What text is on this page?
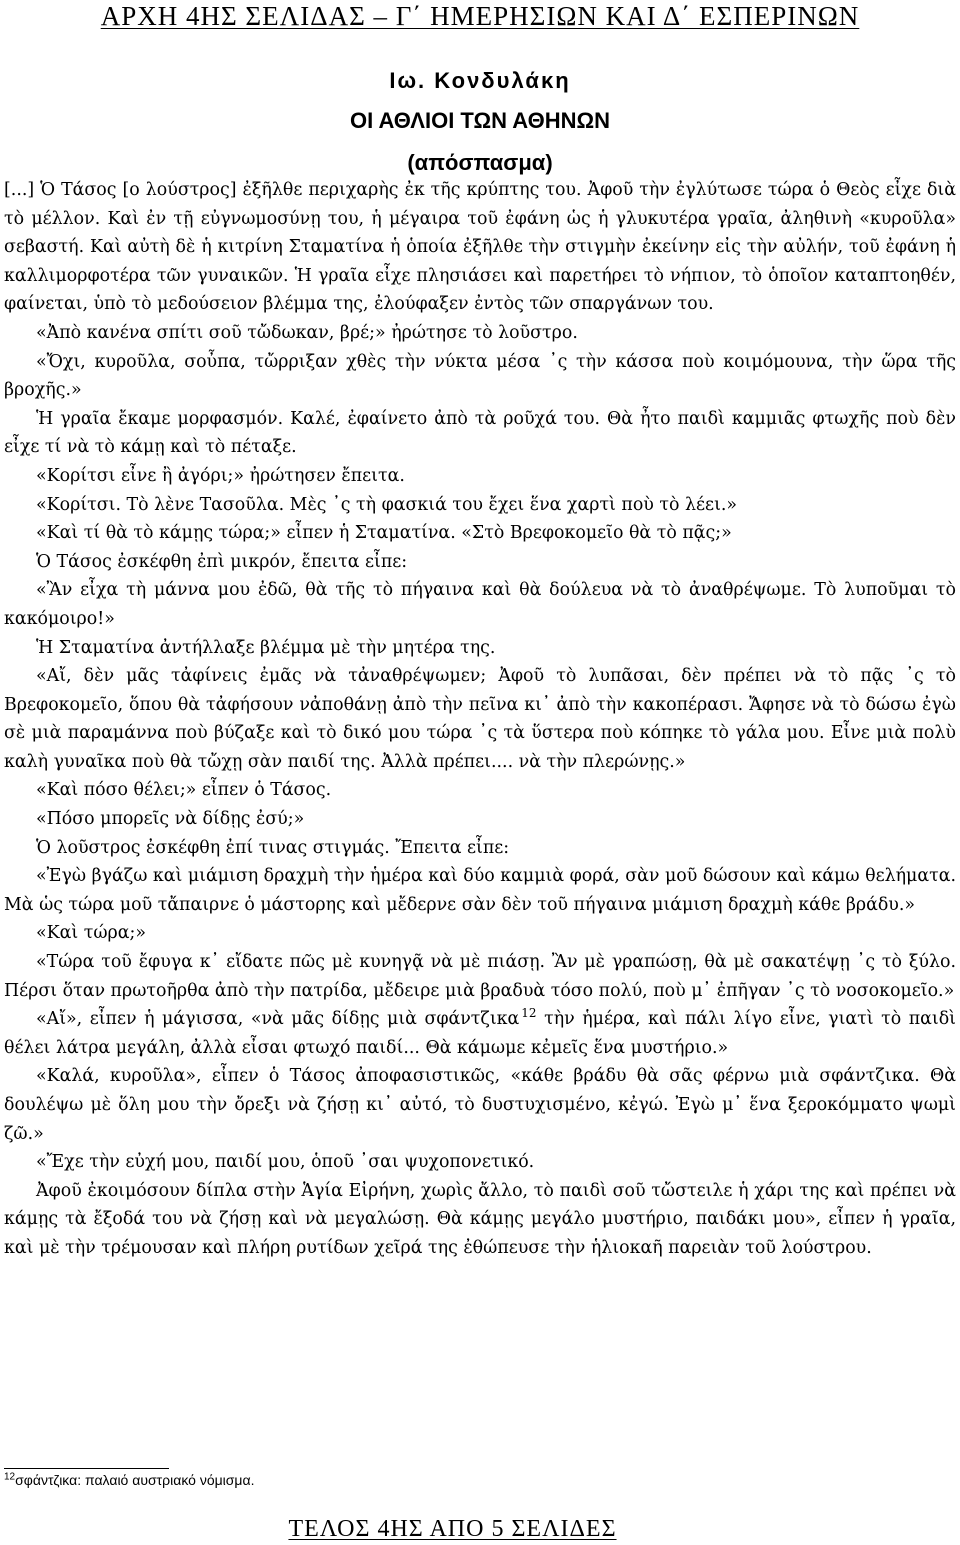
ΑΡΧΗ 4ΗΣ ΣΕΛΙΔΑΣ – Γ΄ ΗΜΕΡΗΣΙΩΝ ΚΑΙ Δ΄ ΕΣΠΕΡΙΝΩΝ
Ιω. Κονδυλάκη
ΟΙ ΑΘΛΙΟΙ ΤΩΝ ΑΘΗΝΩΝ
(απόσπασμα)

[...] Ὁ Τάσος [ο λούστρος] ἐξῆλθε περιχαρὴς ἐκ τῆς κρύπτης του. Ἀφοῦ τὴν ἐγλύτωσε τώρα ὁ Θεὸς εἶχε διὰ τὸ μέλλον. Καὶ ἐν τῇ εὐγνωμοσύνῃ του, ἡ μέγαιρα τοῦ ἐφάνη ὡς ἡ γλυκυτέρα γραῖα, ἀληθινὴ «κυροῦλα» σεβαστή. Καὶ αὐτὴ δὲ ἡ κιτρίνη Σταματίνα ἡ ὁποία ἐξῆλθε τὴν στιγμὴν ἐκείνην εἰς τὴν αὐλήν, τοῦ ἐφάνη ἡ καλλιμορφοτέρα τῶν γυναικῶν. Ἡ γραῖα εἶχε πλησιάσει καὶ παρετήρει τὸ νήπιον, τὸ ὁποῖον καταπτοηθέν, φαίνεται, ὑπὸ τὸ μεδούσειον βλέμμα της, ἐλούφαξεν ἐντὸς τῶν σπαργάνων του.

«Ἀπὸ κανένα σπίτι σοῦ τὤδωκαν, βρέ;» ἠρώτησε τὸ λοῦστρο.

«Ὄχι, κυροῦλα, σοὖπα, τὤρριξαν χθὲς τὴν νύκτα μέσα ᾽ς τὴν κάσσα ποὺ κοιμόμουνα, τὴν ὥρα τῆς βροχῆς.»

Ἡ γραῖα ἔκαμε μορφασμόν. Καλέ, ἐφαίνετο ἀπὸ τὰ ροῦχά του. Θὰ ἦτο παιδὶ καμμιᾶς φτωχῆς ποὺ δὲν εἶχε τί νὰ τὸ κάμῃ καὶ τὸ πέταξε.

«Κορίτσι εἶνε ἢ ἀγόρι;» ἠρώτησεν ἔπειτα.

«Κορίτσι. Τὸ λὲνε Τασοῦλα. Μὲς ᾽ς τὴ φασκιά του ἔχει ἕνα χαρτὶ ποὺ τὸ λέει.»

«Καὶ τί θὰ τὸ κάμῃς τώρα;» εἶπεν ἡ Σταματίνα. «Στὸ Βρεφοκομεῖο θὰ τὸ πᾷς;»

Ὁ Τάσος ἐσκέφθη ἐπὶ μικρόν, ἔπειτα εἶπε:

«Ἂν εἶχα τὴ μάννα μου ἐδῶ, θὰ τῆς τὸ πήγαινα καὶ θὰ δούλευα νὰ τὸ ἀναθρέψωμε. Τὸ λυποῦμαι τὸ κακόμοιρο!»

Ἡ Σταματίνα ἀντήλλαξε βλέμμα μὲ τὴν μητέρα της.

«Αἴ, δὲν μᾶς τἀφίνεις ἐμᾶς νὰ τἀναθρέψωμεν; Ἀφοῦ τὸ λυπᾶσαι, δὲν πρέπει νὰ τὸ πᾷς ᾽ς τὸ Βρεφοκομεῖο, ὅπου θὰ τἀφήσουν νἀποθάνῃ ἀπὸ τὴν πεῖνα κι᾽ ἀπὸ τὴν κακοπέρασι. Ἄφησε νὰ τὸ δώσω ἐγὼ σὲ μιὰ παραμάννα ποὺ βύζαξε καὶ τὸ δικό μου τώρα ᾽ς τὰ ὕστερα ποὺ κόπηκε τὸ γάλα μου. Εἶνε μιὰ πολὺ καλὴ γυναῖκα ποὺ θὰ τὤχῃ σὰν παιδί της. Ἀλλὰ πρέπει.... νὰ τὴν πλερώνῃς.»

«Καὶ πόσο θέλει;» εἶπεν ὁ Τάσος.

«Πόσο μπορεῖς νὰ δίδῃς ἐσύ;»

Ὁ λοῦστρος ἐσκέφθη ἐπί τινας στιγμάς. Ἔπειτα εἶπε:

«Ἐγὼ βγάζω καὶ μιάμιση δραχμὴ τὴν ἡμέρα καὶ δύο καμμιὰ φορά, σὰν μοῦ δώσουν καὶ κάμω θελήματα. Μὰ ὡς τώρα μοῦ τἄπαιρνε ὁ μάστορης καὶ μἔδερνε σὰν δὲν τοῦ πήγαινα μιάμιση δραχμὴ κάθε βράδυ.»

«Καὶ τώρα;»

«Τώρα τοῦ ἔφυγα κ᾽ εἴδατε πῶς μὲ κυνηγᾷ νὰ μὲ πιάσῃ. Ἂν μὲ γραπώσῃ, θὰ μὲ σακατέψῃ ᾽ς τὸ ξύλο. Πέρσι ὅταν πρωτοῆρθα ἀπὸ τὴν πατρίδα, μἔδειρε μιὰ βραδυὰ τόσο πολύ, ποὺ μ᾽ ἐπῆγαν ᾽ς τὸ νοσοκομεῖο.»

«Αἴ», εἶπεν ἡ μάγισσα, «νὰ μᾶς δίδῃς μιὰ σφάντζικα $^{12}$ τὴν ἡμέρα, καὶ πάλι λίγο εἶνε, γιατὶ τὸ παιδὶ θέλει λάτρα μεγάλη, ἀλλὰ εἶσαι φτωχό παιδί... Θὰ κάμωμε κἐμεῖς ἕνα μυστήριο.»

«Καλά, κυροῦλα», εἶπεν ὁ Τάσος ἀποφασιστικῶς, «κάθε βράδυ θὰ σᾶς φέρνω μιὰ σφάντζικα. Θὰ δουλέψω μὲ ὅλη μου τὴν ὄρεξι νὰ ζήσῃ κι᾽ αὐτό, τὸ δυστυχισμένο, κἐγώ. Ἐγὼ μ᾽ ἕνα ξεροκόμματο ψωμὶ ζῶ.»

«Ἔχε τὴν εὐχή μου, παιδί μου, ὁποῦ ᾽σαι ψυχοπονετικό.

Ἀφοῦ ἐκοιμόσουν δίπλα στὴν Ἁγία Εἰρήνη, χωρὶς ἄλλο, τὸ παιδὶ σοῦ τὤστειλε ἡ χάρι της καὶ πρέπει νὰ κάμῃς τὰ ἔξοδά του νὰ ζήσῃ καὶ νὰ μεγαλώσῃ. Θὰ κάμῃς μεγάλο μυστήριο, παιδάκι μου», εἶπεν ἡ γραῖα, καὶ μὲ τὴν τρέμουσαν καὶ πλήρη ρυτίδων χεῖρά της ἐθώπευσε τὴν ἡλιοκαῆ παρειὰν τοῦ λούστρου.

$^{12}$σφάντζικα: παλαιό αυστριακό νόμισμα.
ΤΕΛΟΣ 4ΗΣ ΑΠΟ 5 ΣΕΛΙΔΕΣ
